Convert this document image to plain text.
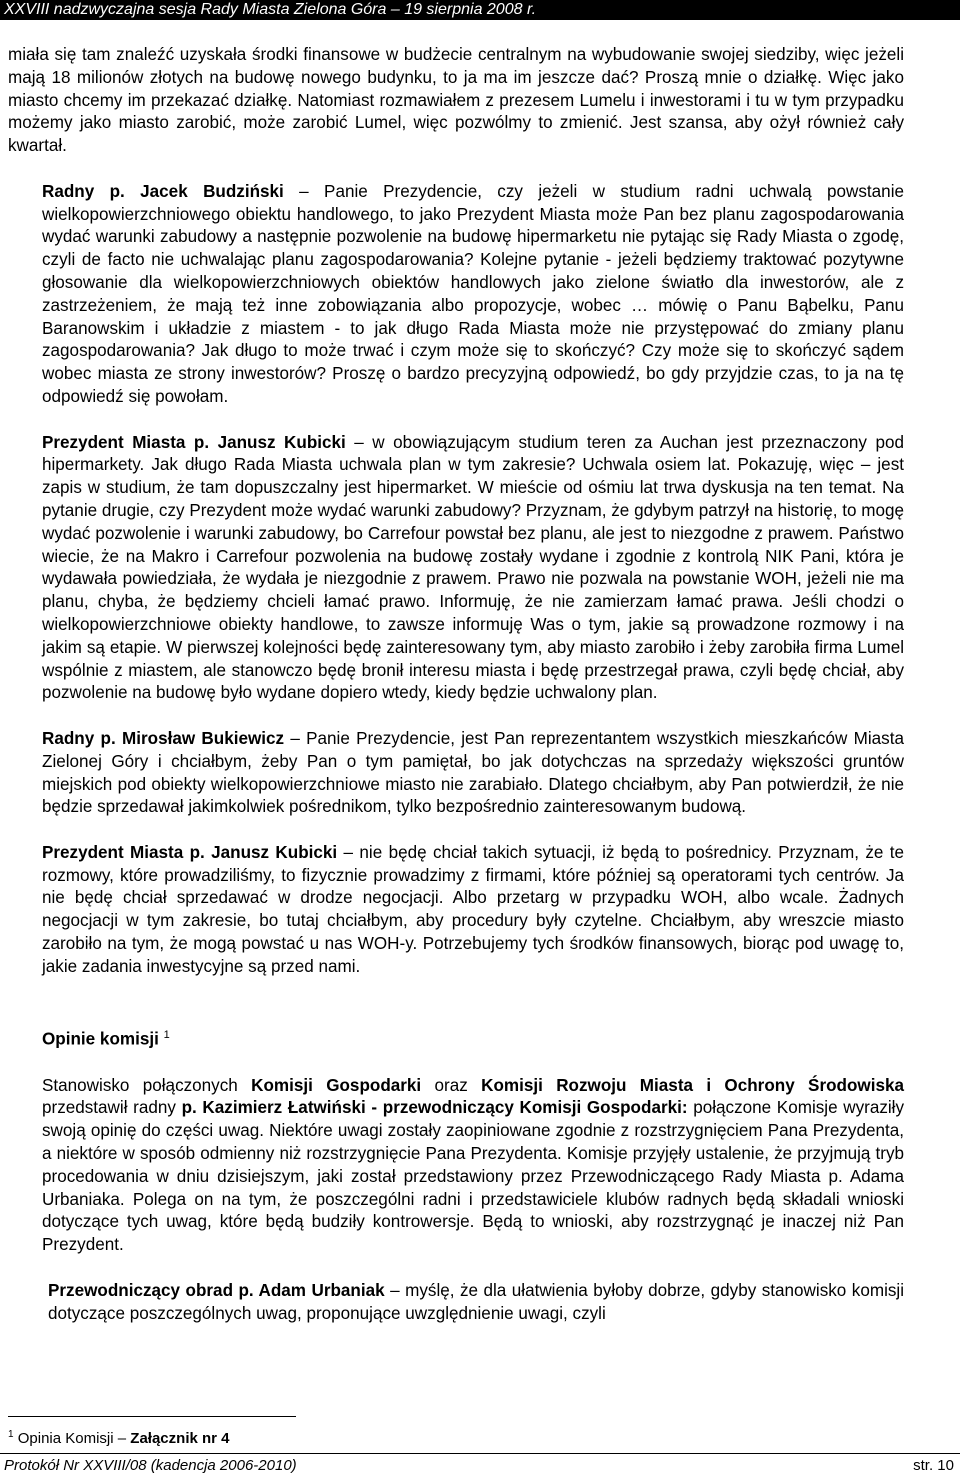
XXVIII nadzwyczajna sesja Rady Miasta Zielona Góra – 19 sierpnia 2008 r.

miała się tam znaleźć uzyskała środki finansowe w budżecie centralnym na wybudowanie swojej siedziby, więc jeżeli mają 18 milionów złotych na budowę nowego budynku, to ja ma im jeszcze dać? Proszą mnie o działkę. Więc jako miasto chcemy im przekazać działkę. Natomiast rozmawiałem z prezesem Lumelu i inwestorami i tu w tym przypadku możemy jako miasto zarobić, może zarobić Lumel, więc pozwólmy to zmienić. Jest szansa, aby ożył również cały kwartał.

Radny p. Jacek Budziński – Panie Prezydencie, czy jeżeli w studium radni uchwalą powstanie wielkopowierzchniowego obiektu handlowego, to jako Prezydent Miasta może Pan bez planu zagospodarowania wydać warunki zabudowy a następnie pozwolenie na budowę hipermarketu nie pytając się Rady Miasta o zgodę, czyli de facto nie uchwalając planu zagospodarowania? Kolejne pytanie - jeżeli będziemy traktować pozytywne głosowanie dla wielkopowierzchniowych obiektów handlowych jako zielone światło dla inwestorów, ale z zastrzeżeniem, że mają też inne zobowiązania albo propozycje, wobec … mówię o Panu Bąbelku, Panu Baranowskim i układzie z miastem - to jak długo Rada Miasta może nie przystępować do zmiany planu zagospodarowania? Jak długo to może trwać i czym może się to skończyć? Czy może się to skończyć sądem wobec miasta ze strony inwestorów? Proszę o bardzo precyzyjną odpowiedź, bo gdy przyjdzie czas, to ja na tę odpowiedź się powołam.

Prezydent Miasta p. Janusz Kubicki – w obowiązującym studium teren za Auchan jest przeznaczony pod hipermarkety. Jak długo Rada Miasta uchwala plan w tym zakresie? Uchwala osiem lat. Pokazuję, więc – jest zapis w studium, że tam dopuszczalny jest hipermarket. W mieście od ośmiu lat trwa dyskusja na ten temat. Na pytanie drugie, czy Prezydent może wydać warunki zabudowy? Przyznam, że gdybym patrzył na historię, to mogę wydać pozwolenie i warunki zabudowy, bo Carrefour powstał bez planu, ale jest to niezgodne z prawem. Państwo wiecie, że na Makro i Carrefour pozwolenia na budowę zostały wydane i zgodnie z kontrolą NIK Pani, która je wydawała powiedziała, że wydała je niezgodnie z prawem. Prawo nie pozwala na powstanie WOH, jeżeli nie ma planu, chyba, że będziemy chcieli łamać prawo. Informuję, że nie zamierzam łamać prawa. Jeśli chodzi o wielkopowierzchniowe obiekty handlowe, to zawsze informuję Was o tym, jakie są prowadzone rozmowy i na jakim są etapie. W pierwszej kolejności będę zainteresowany tym, aby miasto zarobiło i żeby zarobiła firma Lumel wspólnie z miastem, ale stanowczo będę bronił interesu miasta i będę przestrzegał prawa, czyli będę chciał, aby pozwolenie na budowę było wydane dopiero wtedy, kiedy będzie uchwalony plan.

Radny p. Mirosław Bukiewicz – Panie Prezydencie, jest Pan reprezentantem wszystkich mieszkańców Miasta Zielonej Góry i chciałbym, żeby Pan o tym pamiętał, bo jak dotychczas na sprzedaży większości gruntów miejskich pod obiekty wielkopowierzchniowe miasto nie zarabiało. Dlatego chciałbym, aby Pan potwierdził, że nie będzie sprzedawał jakimkolwiek pośrednikom, tylko bezpośrednio zainteresowanym budową.

Prezydent Miasta p. Janusz Kubicki – nie będę chciał takich sytuacji, iż będą to pośrednicy. Przyznam, że te rozmowy, które prowadziliśmy, to fizycznie prowadzimy z firmami, które później są operatorami tych centrów. Ja nie będę chciał sprzedawać w drodze negocjacji. Albo przetarg w przypadku WOH, albo wcale. Żadnych negocjacji w tym zakresie, bo tutaj chciałbym, aby procedury były czytelne. Chciałbym, aby wreszcie miasto zarobiło na tym, że mogą powstać u nas WOH-y. Potrzebujemy tych środków finansowych, biorąc pod uwagę to, jakie zadania inwestycyjne są przed nami.

Opinie komisji $^1$

Stanowisko połączonych Komisji Gospodarki oraz Komisji Rozwoju Miasta i Ochrony Środowiska przedstawił radny p. Kazimierz Łatwiński - przewodniczący Komisji Gospodarki: połączone Komisje wyraziły swoją opinię do części uwag. Niektóre uwagi zostały zaopiniowane zgodnie z rozstrzygnięciem Pana Prezydenta, a niektóre w sposób odmienny niż rozstrzygnięcie Pana Prezydenta. Komisje przyjęły ustalenie, że przyjmują tryb procedowania w dniu dzisiejszym, jaki został przedstawiony przez Przewodniczącego Rady Miasta p. Adama Urbaniaka. Polega on na tym, że poszczególni radni i przedstawiciele klubów radnych będą składali wnioski dotyczące tych uwag, które będą budziły kontrowersje. Będą to wnioski, aby rozstrzygnąć je inaczej niż Pan Prezydent.

Przewodniczący obrad p. Adam Urbaniak – myślę, że dla ułatwienia byłoby dobrze, gdyby stanowisko komisji dotyczące poszczególnych uwag, proponujące uwzględnienie uwagi, czyli

$^1$ Opinia Komisji – Załącznik nr 4
Protokół Nr XXVIII/08 (kadencja 2006-2010)	str. 10
